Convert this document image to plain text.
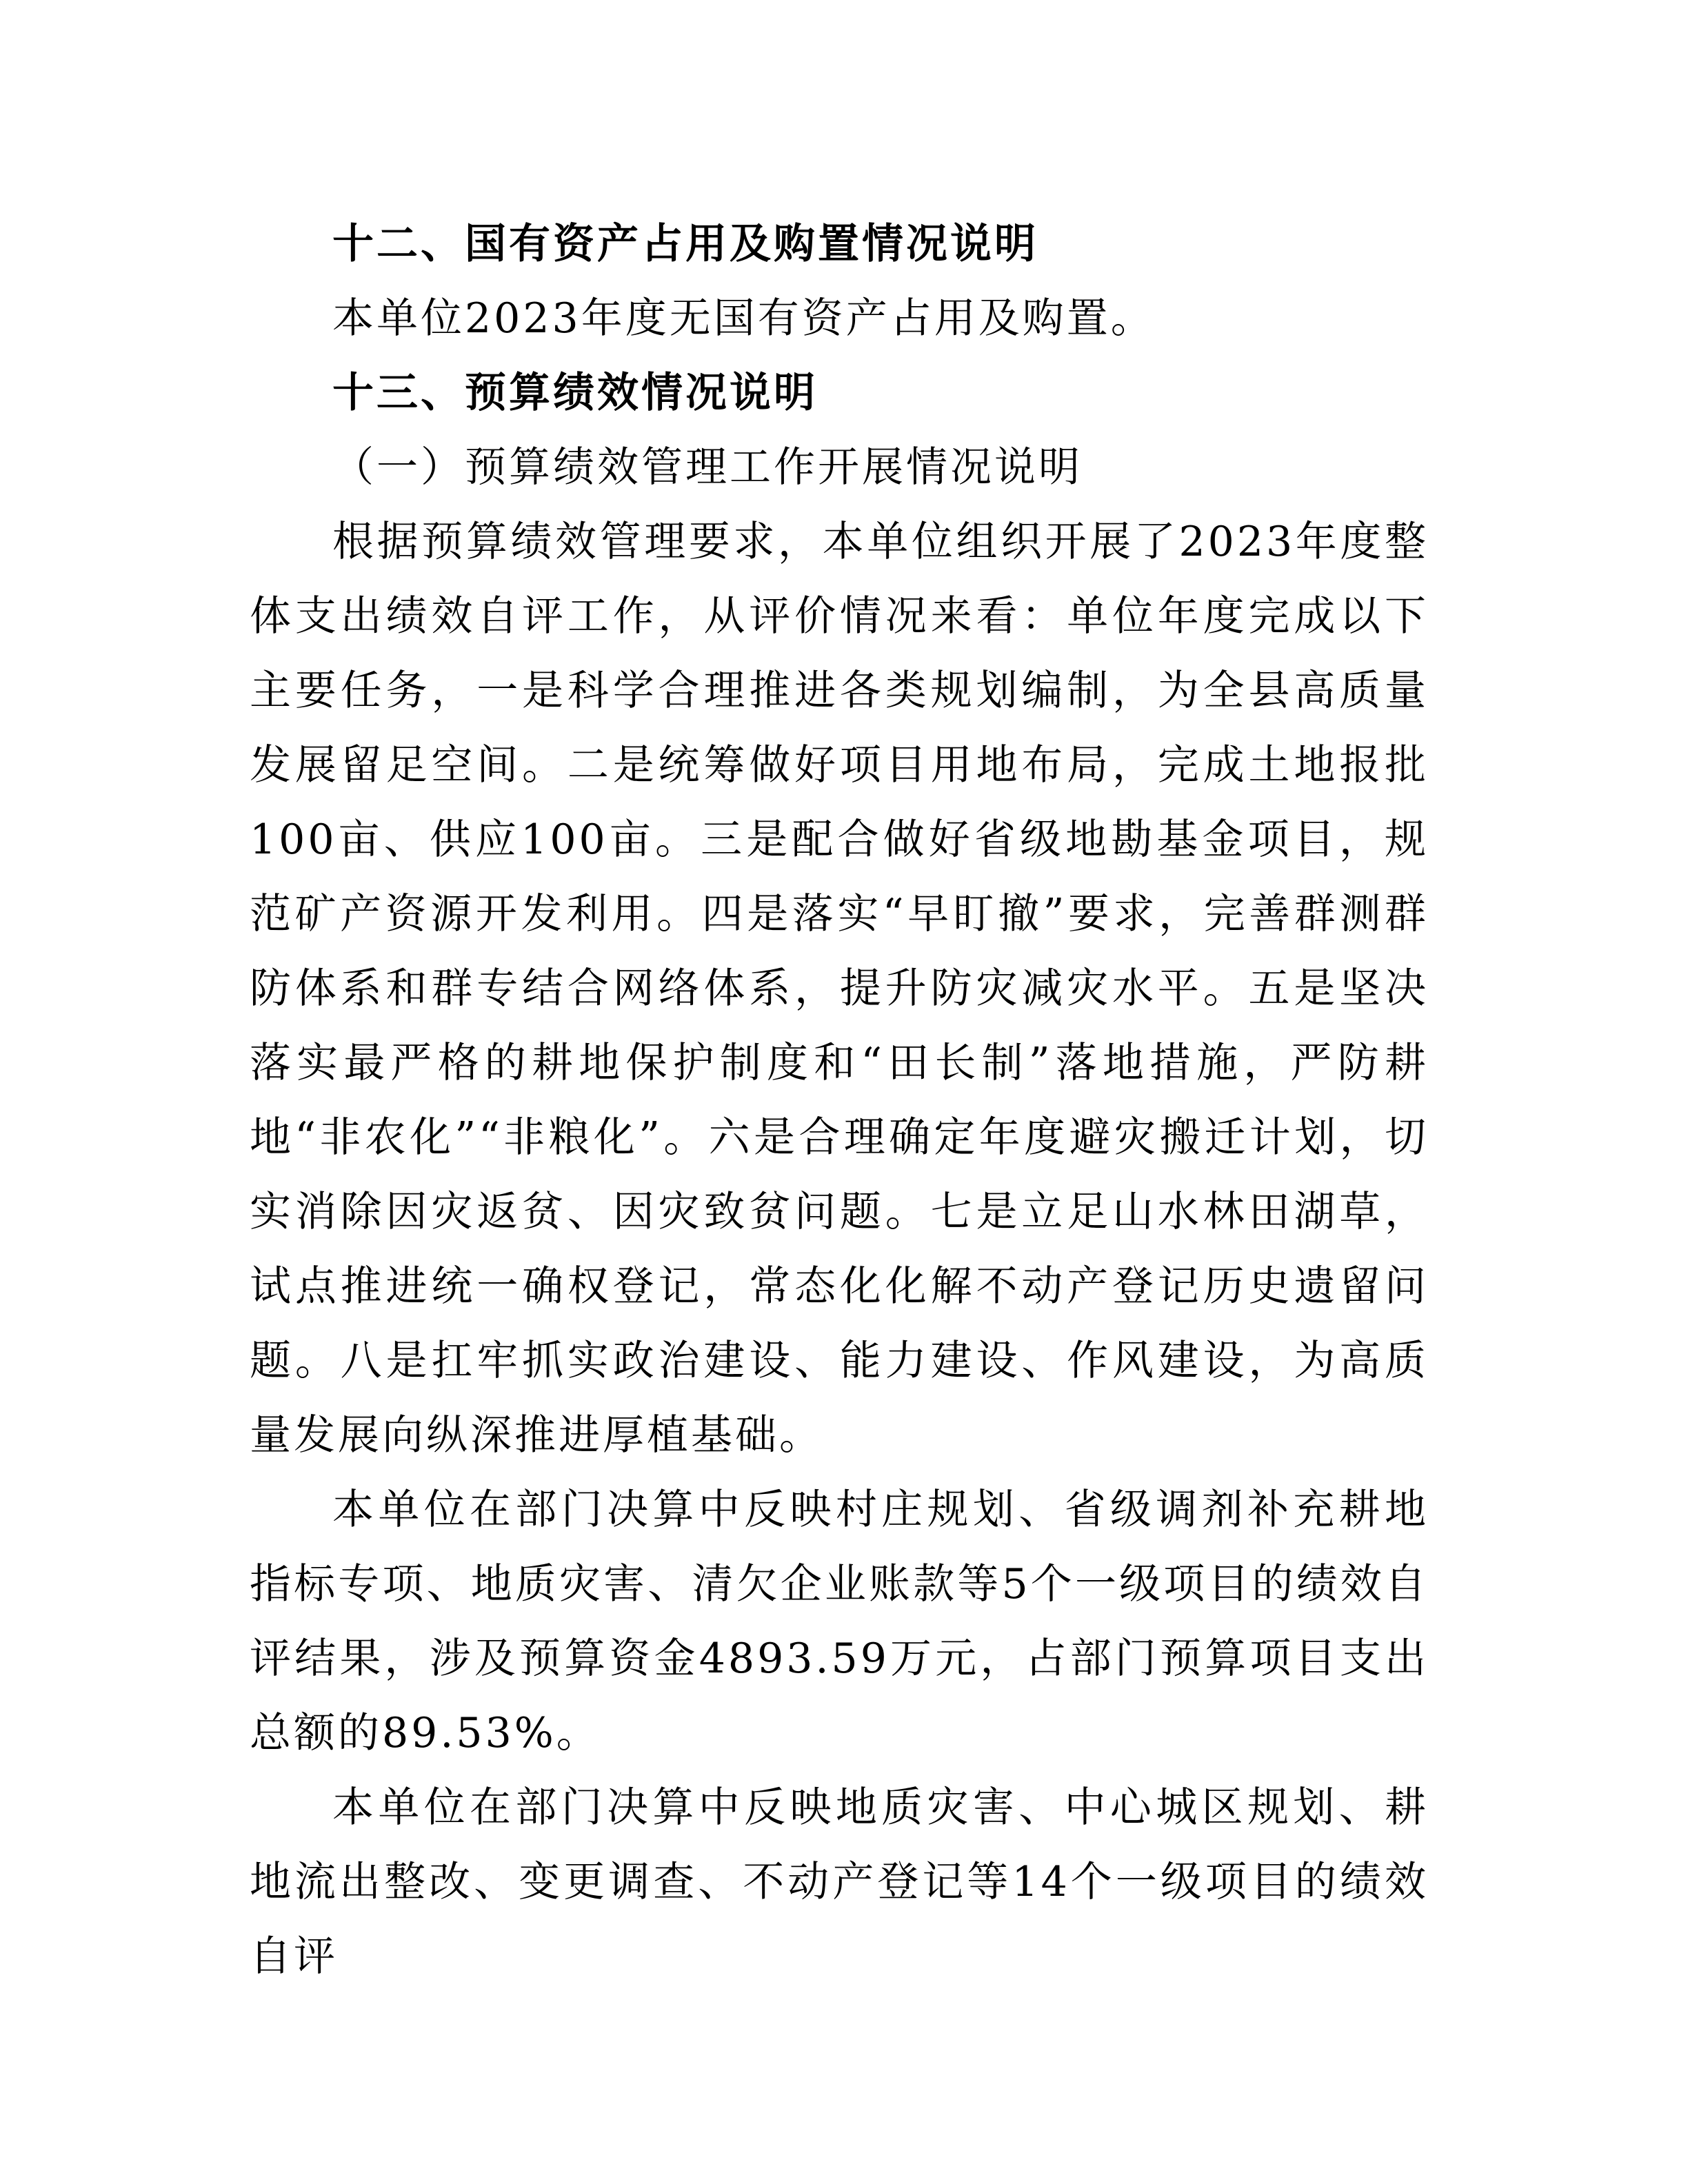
十二、国有资产占用及购置情况说明

本单位2023年度无国有资产占用及购置。

十三、预算绩效情况说明

（一）预算绩效管理工作开展情况说明

根据预算绩效管理要求，本单位组织开展了2023年度整体支出绩效自评工作，从评价情况来看：单位年度完成以下主要任务，一是科学合理推进各类规划编制，为全县高质量发展留足空间。二是统筹做好项目用地布局，完成土地报批100亩、供应100亩。三是配合做好省级地勘基金项目，规范矿产资源开发利用。四是落实“早盯撤”要求，完善群测群防体系和群专结合网络体系，提升防灾减灾水平。五是坚决落实最严格的耕地保护制度和“田长制”落地措施，严防耕地“非农化”“非粮化”。六是合理确定年度避灾搬迁计划，切实消除因灾返贫、因灾致贫问题。七是立足山水林田湖草，试点推进统一确权登记，常态化化解不动产登记历史遗留问题。八是扛牢抓实政治建设、能力建设、作风建设，为高质量发展向纵深推进厚植基础。

本单位在部门决算中反映村庄规划、省级调剂补充耕地指标专项、地质灾害、清欠企业账款等5个一级项目的绩效自评结果，涉及预算资金4893.59万元，占部门预算项目支出总额的89.53%。

本单位在部门决算中反映地质灾害、中心城区规划、耕地流出整改、变更调查、不动产登记等14个一级项目的绩效自评
